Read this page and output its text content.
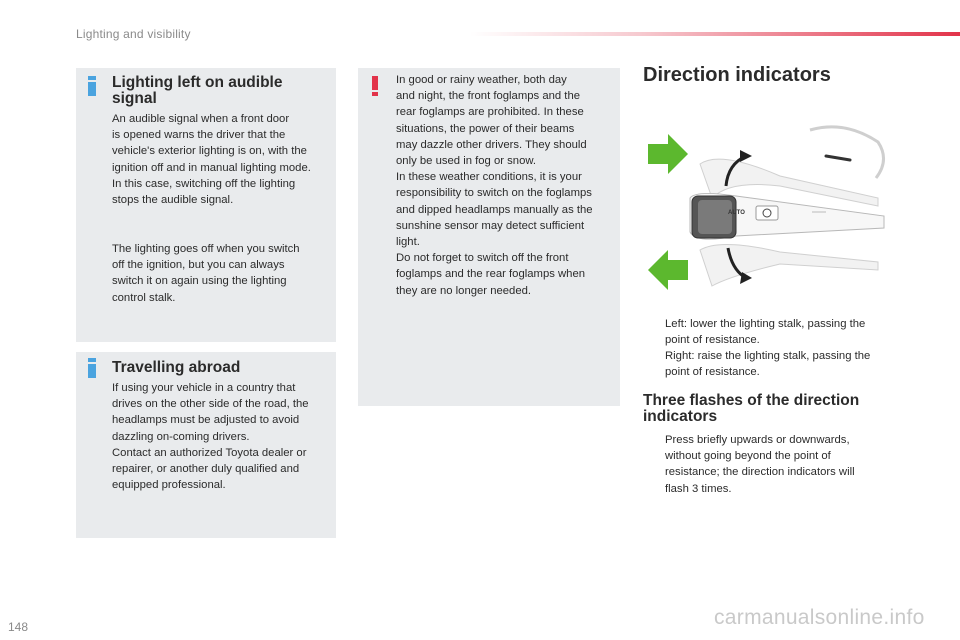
Lighting and visibility
Lighting left on audible signal
An audible signal when a front door
is opened warns the driver that the
vehicle's exterior lighting is on, with the
ignition off and in manual lighting mode.
In this case, switching off the lighting
stops the audible signal.
The lighting goes off when you switch
off the ignition, but you can always
switch it on again using the lighting
control stalk.
Travelling abroad
If using your vehicle in a country that
drives on the other side of the road, the
headlamps must be adjusted to avoid
dazzling on-coming drivers.
Contact an authorized Toyota dealer or
repairer, or another duly qualified and
equipped professional.
In good or rainy weather, both day
and night, the front foglamps and the
rear foglamps are prohibited. In these
situations, the power of their beams
may dazzle other drivers. They should
only be used in fog or snow.
In these weather conditions, it is your
responsibility to switch on the foglamps
and dipped headlamps manually as the
sunshine sensor may detect sufficient
light.
Do not forget to switch off the front
foglamps and the rear foglamps when
they are no longer needed.
Direction indicators
AUTO
Left: lower the lighting stalk, passing the
point of resistance.
Right: raise the lighting stalk, passing the
point of resistance.
Three flashes of the direction
indicators
Press briefly upwards or downwards,
without going beyond the point of
resistance; the direction indicators will
flash 3 times.
148	carmanualsonline.info
